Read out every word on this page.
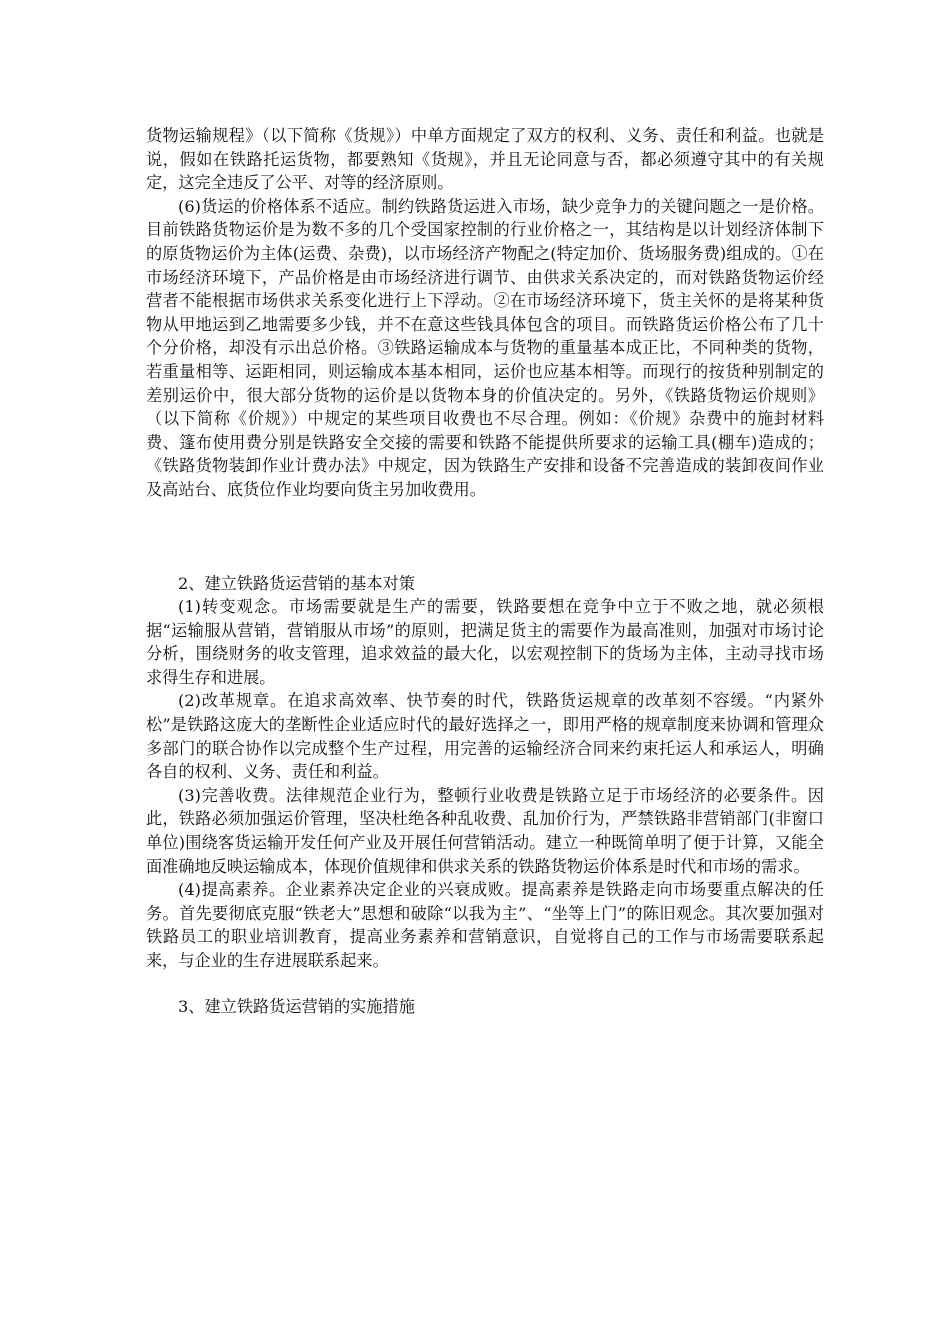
货物运输规程》（以下简称《货规》）中单方面规定了双方的权利、义务、责任和利益。也就是说，假如在铁路托运货物，都要熟知《货规》，并且无论同意与否，都必须遵守其中的有关规定，这完全违反了公平、对等的经济原则。

(6)货运的价格体系不适应。制约铁路货运进入市场，缺少竞争力的关键问题之一是价格。目前铁路货物运价是为数不多的几个受国家控制的行业价格之一，其结构是以计划经济体制下的原货物运价为主体(运费、杂费)，以市场经济产物配之(特定加价、货场服务费)组成的。①在市场经济环境下，产品价格是由市场经济进行调节、由供求关系决定的，而对铁路货物运价经营者不能根据市场供求关系变化进行上下浮动。②在市场经济环境下，货主关怀的是将某种货物从甲地运到乙地需要多少钱，并不在意这些钱具体包含的项目。而铁路货运价格公布了几十个分价格，却没有示出总价格。③铁路运输成本与货物的重量基本成正比，不同种类的货物，若重量相等、运距相同，则运输成本基本相同，运价也应基本相等。而现行的按货种别制定的差别运价中，很大部分货物的运价是以货物本身的价值决定的。另外，《铁路货物运价规则》（以下简称《价规》）中规定的某些项目收费也不尽合理。例如：《价规》杂费中的施封材料费、篷布使用费分别是铁路安全交接的需要和铁路不能提供所要求的运输工具(棚车)造成的；《铁路货物装卸作业计费办法》中规定，因为铁路生产安排和设备不完善造成的装卸夜间作业及高站台、底货位作业均要向货主另加收费用。

2、建立铁路货运营销的基本对策

(1)转变观念。市场需要就是生产的需要，铁路要想在竞争中立于不败之地，就必须根据“运输服从营销，营销服从市场”的原则，把满足货主的需要作为最高准则，加强对市场讨论分析，围绕财务的收支管理，追求效益的最大化，以宏观控制下的货场为主体，主动寻找市场求得生存和进展。

(2)改革规章。在追求高效率、快节奏的时代，铁路货运规章的改革刻不容缓。“内紧外松”是铁路这庞大的垄断性企业适应时代的最好选择之一，即用严格的规章制度来协调和管理众多部门的联合协作以完成整个生产过程，用完善的运输经济合同来约束托运人和承运人，明确各自的权利、义务、责任和利益。

(3)完善收费。法律规范企业行为，整顿行业收费是铁路立足于市场经济的必要条件。因此，铁路必须加强运价管理，坚决杜绝各种乱收费、乱加价行为，严禁铁路非营销部门(非窗口单位)围绕客货运输开发任何产业及开展任何营销活动。建立一种既简单明了便于计算，又能全面准确地反映运输成本，体现价值规律和供求关系的铁路货物运价体系是时代和市场的需求。

(4)提高素养。企业素养决定企业的兴衰成败。提高素养是铁路走向市场要重点解决的任务。首先要彻底克服“铁老大”思想和破除“以我为主”、“坐等上门”的陈旧观念。其次要加强对铁路员工的职业培训教育，提高业务素养和营销意识，自觉将自己的工作与市场需要联系起来，与企业的生存进展联系起来。

3、建立铁路货运营销的实施措施
